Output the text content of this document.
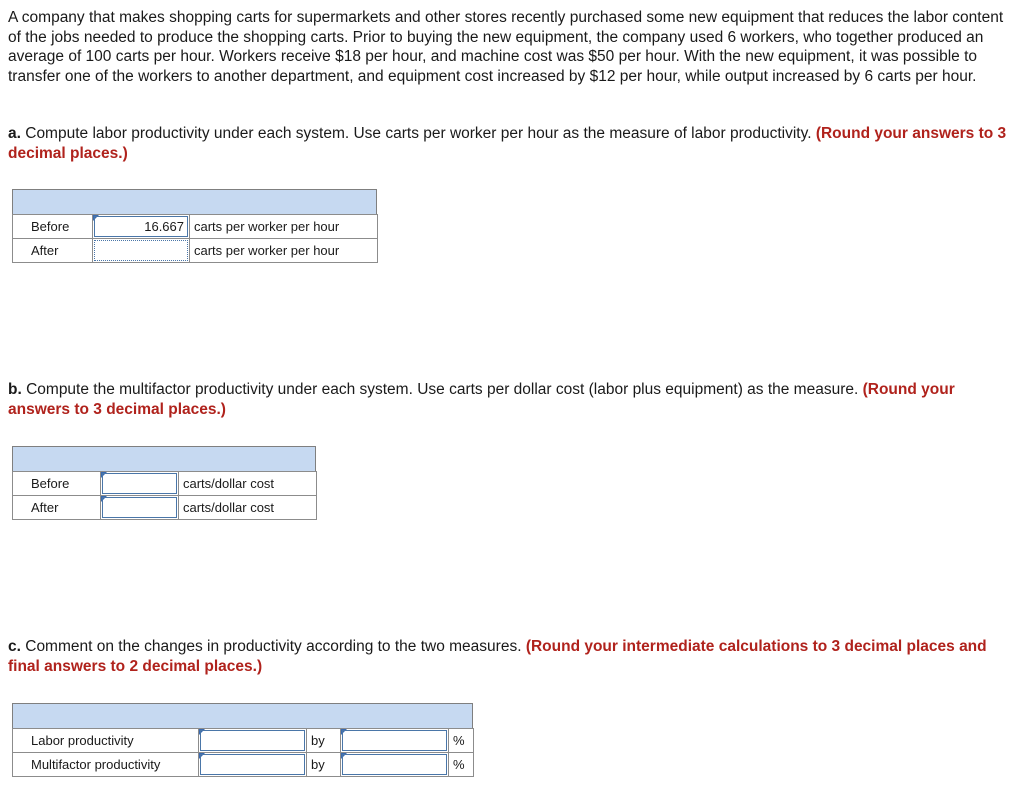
A company that makes shopping carts for supermarkets and other stores recently purchased some new equipment that reduces the labor content of the jobs needed to produce the shopping carts. Prior to buying the new equipment, the company used 6 workers, who together produced an average of 100 carts per hour. Workers receive $18 per hour, and machine cost was $50 per hour. With the new equipment, it was possible to transfer one of the workers to another department, and equipment cost increased by $12 per hour, while output increased by 6 carts per hour.

a. Compute labor productivity under each system. Use carts per worker per hour as the measure of labor productivity. (Round your answers to 3 decimal places.)

Before	16.667	carts per worker per hour
After		carts per worker per hour

b. Compute the multifactor productivity under each system. Use carts per dollar cost (labor plus equipment) as the measure. (Round your answers to 3 decimal places.)

Before		carts/dollar cost
After		carts/dollar cost

c. Comment on the changes in productivity according to the two measures. (Round your intermediate calculations to 3 decimal places and final answers to 2 decimal places.)

Labor productivity		by		%
Multifactor productivity		by		%
